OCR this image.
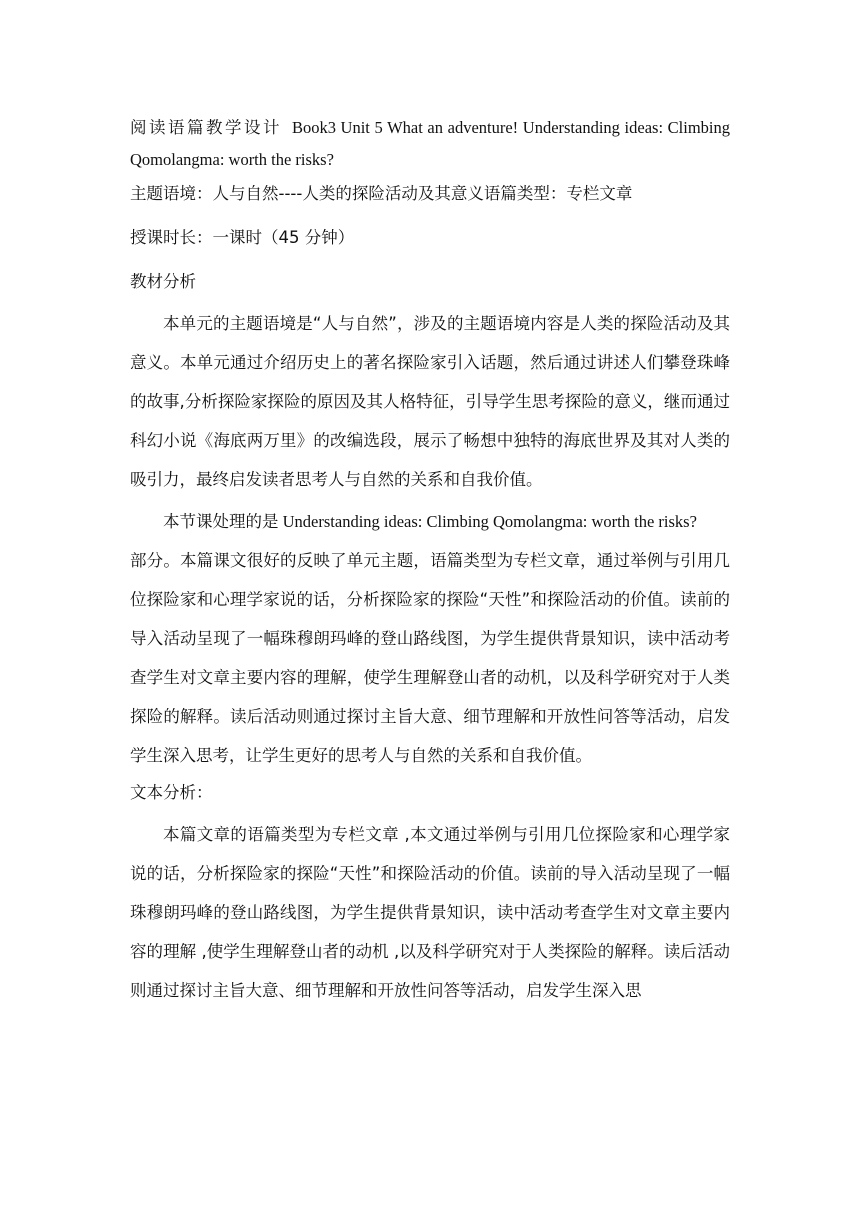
阅读语篇教学设计 Book3 Unit 5 What an adventure! Understanding ideas: Climbing Qomolangma: worth the risks?

主题语境：人与自然----人类的探险活动及其意义语篇类型：专栏文章

授课时长：一课时（45 分钟）

教材分析

本单元的主题语境是“人与自然”，涉及的主题语境内容是人类的探险活动及其意义。本单元通过介绍历史上的著名探险家引入话题，然后通过讲述人们攀登珠峰的故事,分析探险家探险的原因及其人格特征，引导学生思考探险的意义，继而通过科幻小说《海底两万里》的改编选段，展示了畅想中独特的海底世界及其对人类的吸引力，最终启发读者思考人与自然的关系和自我价值。

本节课处理的是 Understanding ideas: Climbing Qomolangma: worth the risks?
部分。本篇课文很好的反映了单元主题，语篇类型为专栏文章，通过举例与引用几位探险家和心理学家说的话，分析探险家的探险“天性”和探险活动的价值。读前的导入活动呈现了一幅珠穆朗玛峰的登山路线图，为学生提供背景知识，读中活动考查学生对文章主要内容的理解，使学生理解登山者的动机，以及科学研究对于人类探险的解释。读后活动则通过探讨主旨大意、细节理解和开放性问答等活动，启发学生深入思考，让学生更好的思考人与自然的关系和自我价值。

文本分析：

本篇文章的语篇类型为专栏文章 ,本文通过举例与引用几位探险家和心理学家说的话，分析探险家的探险“天性”和探险活动的价值。读前的导入活动呈现了一幅珠穆朗玛峰的登山路线图，为学生提供背景知识，读中活动考查学生对文章主要内容的理解 ,使学生理解登山者的动机 ,以及科学研究对于人类探险的解释。读后活动则通过探讨主旨大意、细节理解和开放性问答等活动，启发学生深入思
